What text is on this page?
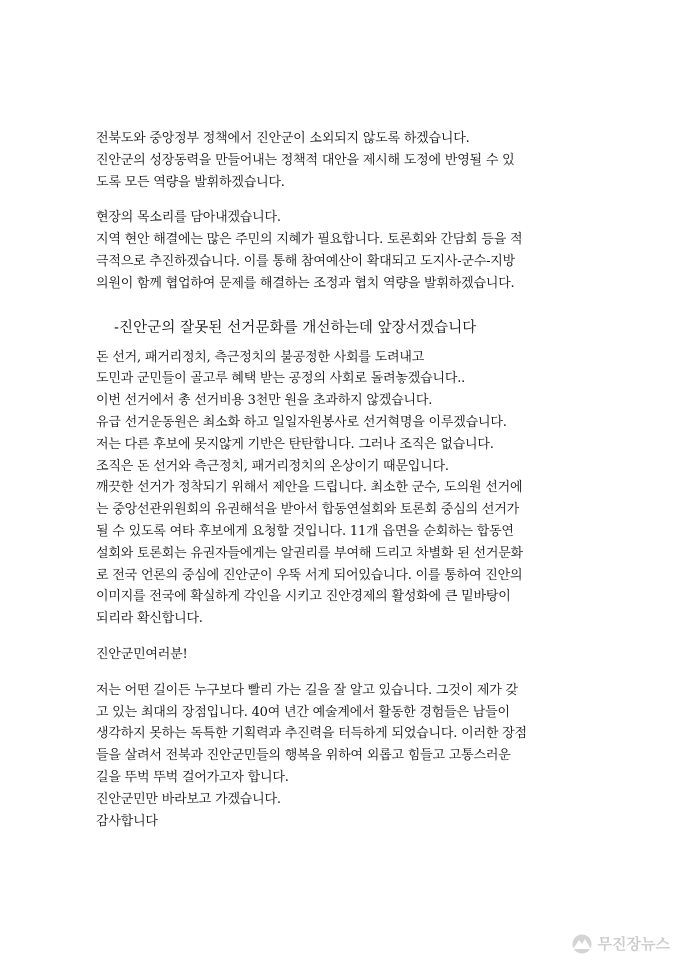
전북도와 중앙정부 정책에서 진안군이 소외되지 않도록 하겠습니다.

진안군의 성장동력을 만들어내는 정책적 대안을 제시해 도정에 반영될 수 있

도록 모든 역량을 발휘하겠습니다.

현장의 목소리를 담아내겠습니다.

지역 현안 해결에는 많은 주민의 지혜가 필요합니다. 토론회와 간담회 등을 적

극적으로 추진하겠습니다. 이를 통해 참여예산이 확대되고 도지사-군수-지방

의원이 함께 협업하여 문제를 해결하는 조정과 협치 역량을 발휘하겠습니다.

-진안군의 잘못된 선거문화를 개선하는데 앞장서겠습니다

돈 선거, 패거리정치, 측근정치의 불공정한 사회를 도려내고

도민과 군민들이 골고루 혜택 받는 공정의 사회로 돌려놓겠습니다..

이번 선거에서 총 선거비용 3천만 원을 초과하지 않겠습니다.

유급 선거운동원은 최소화 하고 일일자원봉사로 선거혁명을 이루겠습니다.

저는 다른 후보에 못지않게 기반은 탄탄합니다. 그러나 조직은 없습니다.

조직은 돈 선거와 측근정치, 패거리정치의 온상이기 때문입니다.

깨끗한 선거가 정착되기 위해서 제안을 드립니다. 최소한 군수, 도의원 선거에

는 중앙선관위원회의 유권해석을 받아서 합동연설회와 토론회 중심의 선거가

될 수 있도록 여타 후보에게 요청할 것입니다. 11개 읍면을 순회하는 합동연

설회와 토론회는 유권자들에게는 알권리를 부여해 드리고 차별화 된 선거문화

로 전국 언론의 중심에 진안군이 우뚝 서게 되어있습니다. 이를 통하여 진안의

이미지를 전국에 확실하게 각인을 시키고 진안경제의 활성화에 큰 밑바탕이

되리라 확신합니다.

진안군민여러분!

저는 어떤 길이든 누구보다 빨리 가는 길을 잘 알고 있습니다. 그것이 제가 갖

고 있는 최대의 장점입니다. 40여 년간 예술계에서 활동한 경험들은 남들이

생각하지 못하는 독특한 기획력과 추진력을 터득하게 되었습니다. 이러한 장점

들을 살려서 전북과 진안군민들의 행복을 위하여 외롭고 힘들고 고통스러운

길을 뚜벅 뚜벅 걸어가고자 합니다.

진안군민만 바라보고 가겠습니다.

감사합니다

무진장뉴스
